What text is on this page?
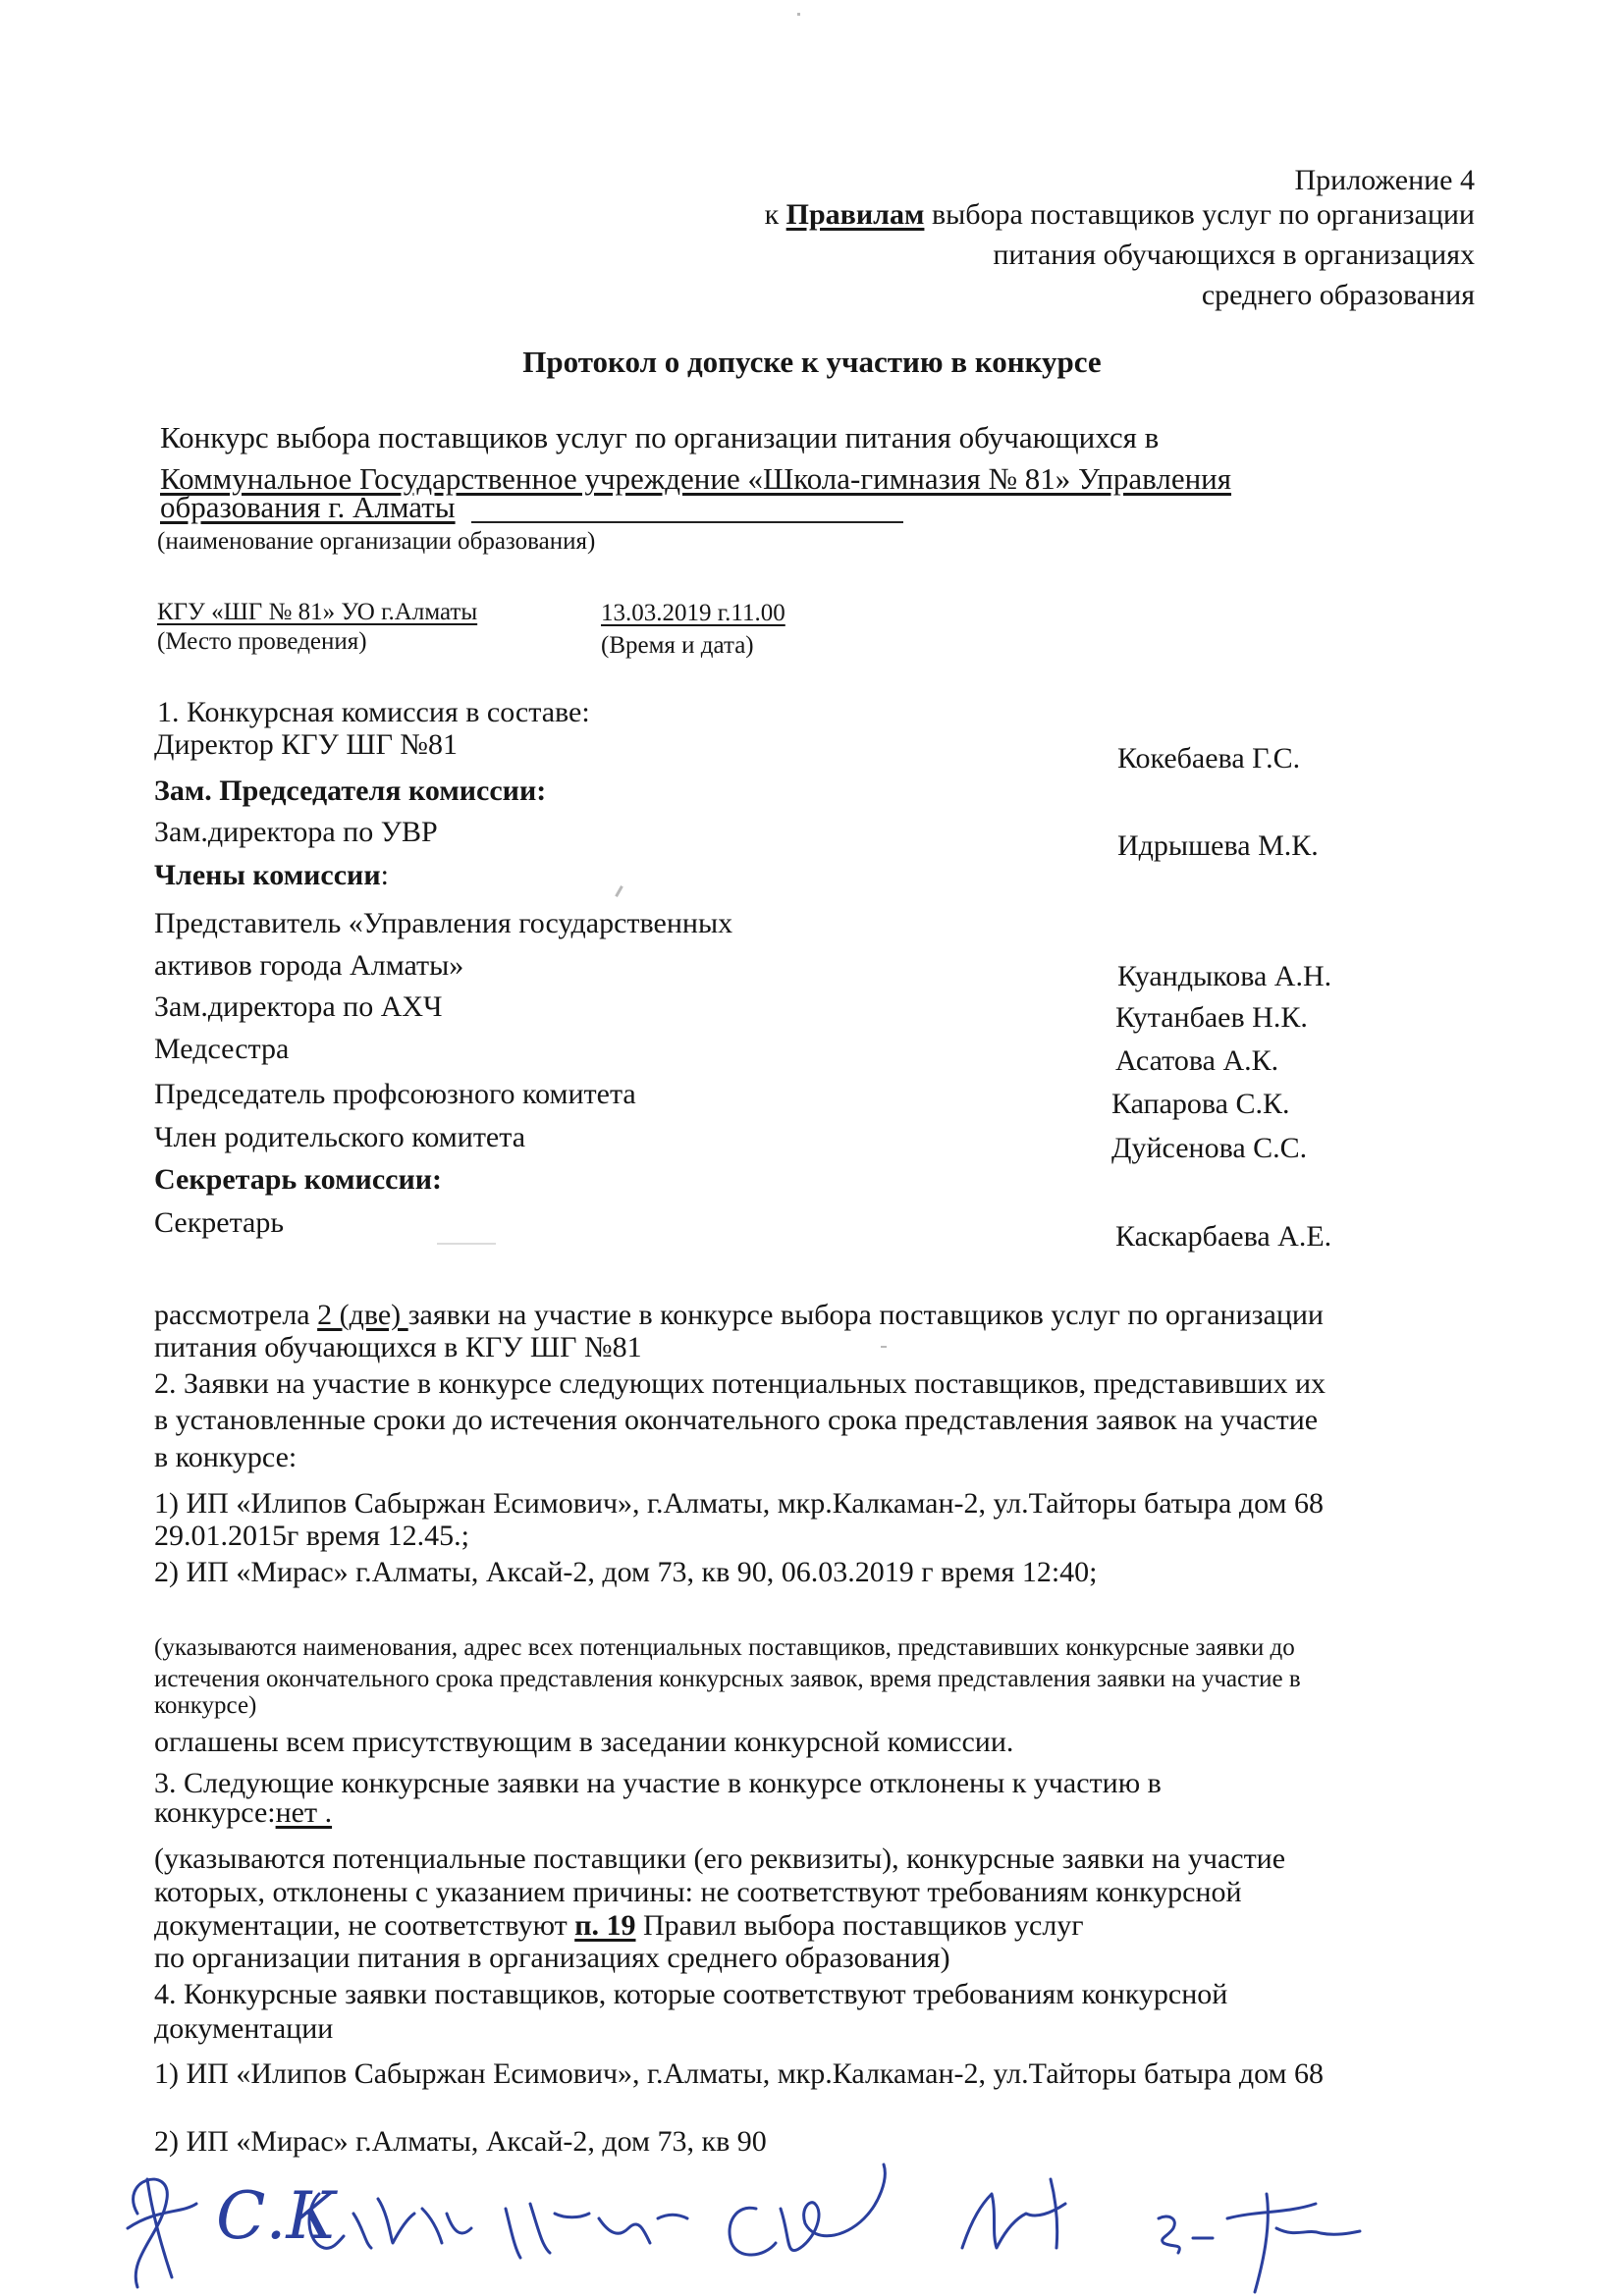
Приложение 4
к Правилам выбора поставщиков услуг по организации
питания обучающихся в организациях
среднего образования
Протокол о допуске к участию в конкурсе
Конкурс выбора поставщиков услуг по организации питания обучающихся в
Коммунальное Государственное учреждение «Школа-гимназия № 81» Управления
образования г. Алматы
(наименование организации образования)
КГУ «ШГ № 81» УО г.Алматы
(Место проведения)
13.03.2019 г.11.00
(Время и дата)
1. Конкурсная комиссия в составе:
Директор КГУ ШГ №81	Кокебаева Г.С.
Зам. Председателя комиссии:
Зам.директора по УВР	Идрышева М.К.
Члены комиссии:
Представитель «Управления государственных
активов города Алматы»	Куандыкова А.Н.
Зам.директора по АХЧ	Кутанбаев Н.К.
Медсестра	Асатова А.К.
Председатель профсоюзного комитета	Капарова С.К.
Член родительского комитета	Дуйсенова С.С.
Секретарь комиссии:
Секретарь	Каскарбаева А.Е.
рассмотрела 2 (две) заявки на участие в конкурсе выбора поставщиков услуг по организации
питания обучающихся в КГУ ШГ №81
2. Заявки на участие в конкурсе следующих потенциальных поставщиков, представивших их
в установленные сроки до истечения окончательного срока представления заявок на участие
в конкурсе:
1) ИП «Илипов Сабыржан Есимович», г.Алматы, мкр.Калкаман-2, ул.Тайторы батыра дом 68
29.01.2015г время 12.45.;
2) ИП «Мирас» г.Алматы, Аксай-2, дом 73, кв 90, 06.03.2019 г время 12:40;
(указываются наименования, адрес всех потенциальных поставщиков, представивших конкурсные заявки до
истечения окончательного срока представления конкурсных заявок, время представления заявки на участие в
конкурсе)
оглашены всем присутствующим в заседании конкурсной комиссии.
3. Следующие конкурсные заявки на участие в конкурсе отклонены к участию в
конкурсе:нет .
(указываются потенциальные поставщики (его реквизиты), конкурсные заявки на участие
которых, отклонены с указанием причины: не соответствуют требованиям конкурсной
документации, не соответствуют п. 19 Правил выбора поставщиков услуг
по организации питания в организациях среднего образования)
4. Конкурсные заявки поставщиков, которые соответствуют требованиям конкурсной
документации
1) ИП «Илипов Сабыржан Есимович», г.Алматы, мкр.Калкаман-2, ул.Тайторы батыра дом 68
2) ИП «Мирас» г.Алматы, Аксай-2, дом 73, кв 90
С.К
